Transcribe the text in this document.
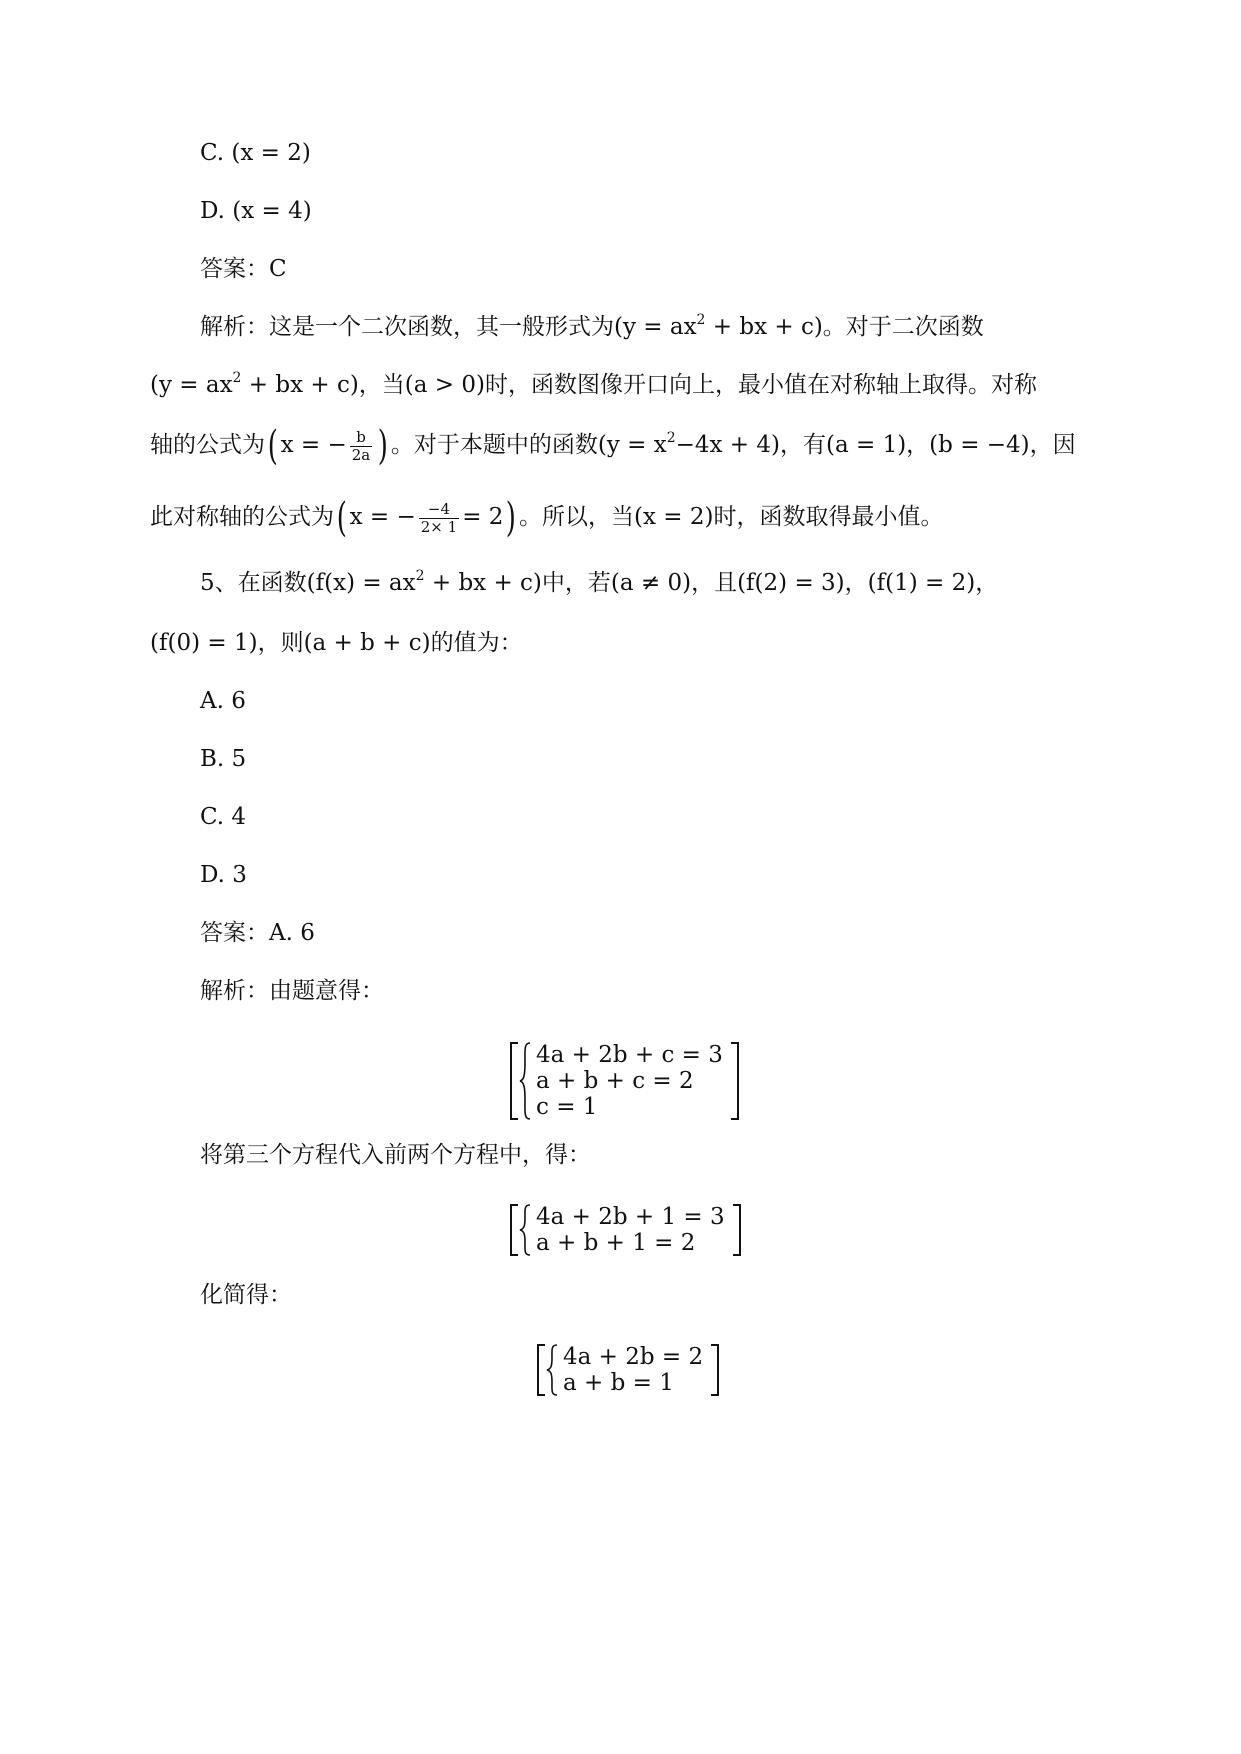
C. (x = 2)
D. (x = 4)
答案：C
解析：这是一个二次函数，其一般形式为($y = ax^2$ + bx + c)。对于二次函数
($y = ax^2$ + bx + c)，当(a > 0)时，函数图像开口向上，最小值在对称轴上取得。对称
轴的公式为( x = − $\frac{b}{2a}$ ) 。对于本题中的函数$(y = x^2-4x + 4)$，有(a = 1)，(b = −4)，因
此对称轴的公式为( x = − $\frac{-4}{2\times 1} = 2$) 。所以，当(x = 2)时，函数取得最小值。
5、在函数($f(x) = ax^2$ + bx + c)中，若(a ≠ 0)，且(f(2) = 3)，(f(1) = 2)，
(f(0) = 1)，则(a + b + c)的值为：
A. 6
B. 5
C. 4
D. 3
答案：A. 6
解析：由题意得：
4a + 2b + c = 3
a + b + c = 2
c = 1
将第三个方程代入前两个方程中，得：
4a + 2b + 1 = 3
a + b + 1 = 2
化简得：
4a + 2b = 2
a + b = 1
